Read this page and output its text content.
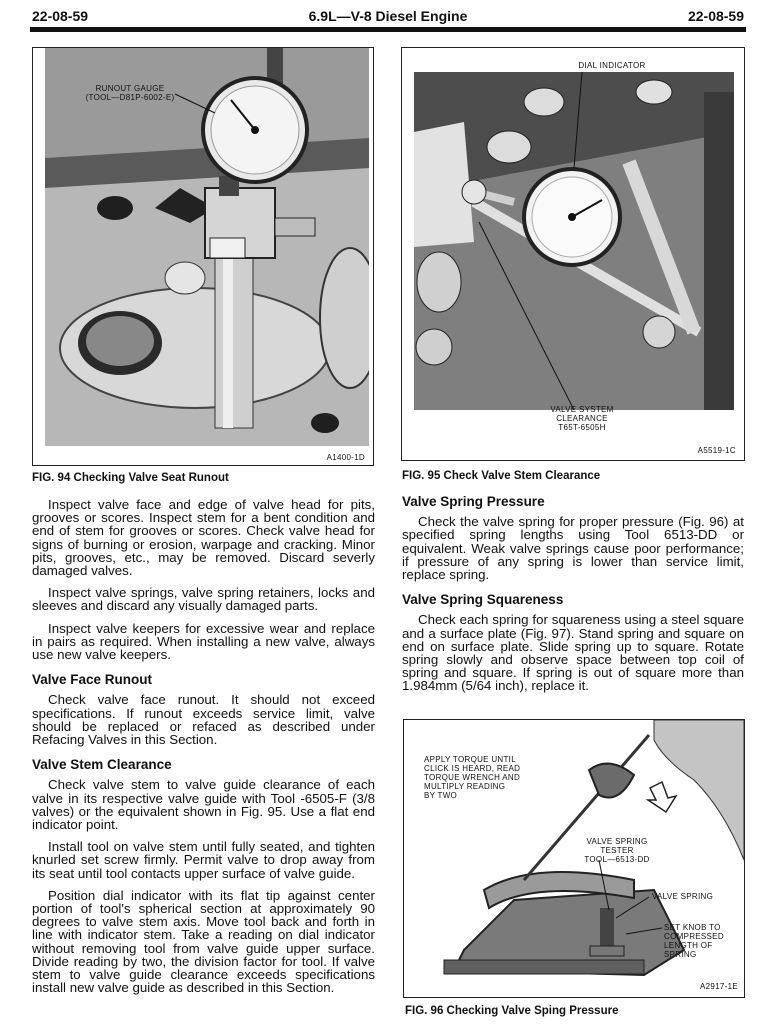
22-08-59	6.9L—V-8 Diesel Engine	22-08-59
RUNOUT GAUGE
(TOOL—D81P-6002-E)
A1400-1D
FIG. 94 Checking Valve Seat Runout
DIAL INDICATOR
VALVE SYSTEM
CLEARANCE
T65T-6505H
A5519-1C
FIG. 95 Check Valve Stem Clearance

Inspect valve face and edge of valve head for pits, grooves or scores. Inspect stem for a bent condition and end of stem for grooves or scores. Check valve head for signs of burning or erosion, warpage and cracking. Minor pits, grooves, etc., may be removed. Discard severly damaged valves.

Inspect valve springs, valve spring retainers, locks and sleeves and discard any visually damaged parts.

Inspect valve keepers for excessive wear and replace in pairs as required. When installing a new valve, always use new valve keepers.

Valve Face Runout

Check valve face runout. It should not exceed specifications. If runout exceeds service limit, valve should be replaced or refaced as described under Refacing Valves in this Section.

Valve Stem Clearance

Check valve stem to valve guide clearance of each valve in its respective valve guide with Tool -6505-F (3/8 valves) or the equivalent shown in Fig. 95. Use a flat end indicator point.

Install tool on valve stem until fully seated, and tighten knurled set screw firmly. Permit valve to drop away from its seat until tool contacts upper surface of valve guide.

Position dial indicator with its flat tip against center portion of tool's spherical section at approximately 90 degrees to valve stem axis. Move tool back and forth in line with indicator stem. Take a reading on dial indicator without removing tool from valve guide upper surface. Divide reading by two, the division factor for tool. If valve stem to valve guide clearance exceeds specifications install new valve guide as described in this Section.

Valve Spring Pressure

Check the valve spring for proper pressure (Fig. 96) at specified spring lengths using Tool 6513-DD or equivalent. Weak valve springs cause poor performance; if pressure of any spring is lower than service limit, replace spring.

Valve Spring Squareness

Check each spring for squareness using a steel square and a surface plate (Fig. 97). Stand spring and square on end on surface plate. Slide spring up to square. Rotate spring slowly and observe space between top coil of spring and square. If spring is out of square more than 1.984mm (5/64 inch), replace it.

APPLY TORQUE UNTIL
CLICK IS HEARD, READ
TORQUE WRENCH AND
MULTIPLY READING
BY TWO
VALVE SPRING
TESTER
TOOL—6513-DD
VALVE SPRING
SET KNOB TO
COMPRESSED
LENGTH OF SPRING
A2917-1E
FIG. 96 Checking Valve Sping Pressure
